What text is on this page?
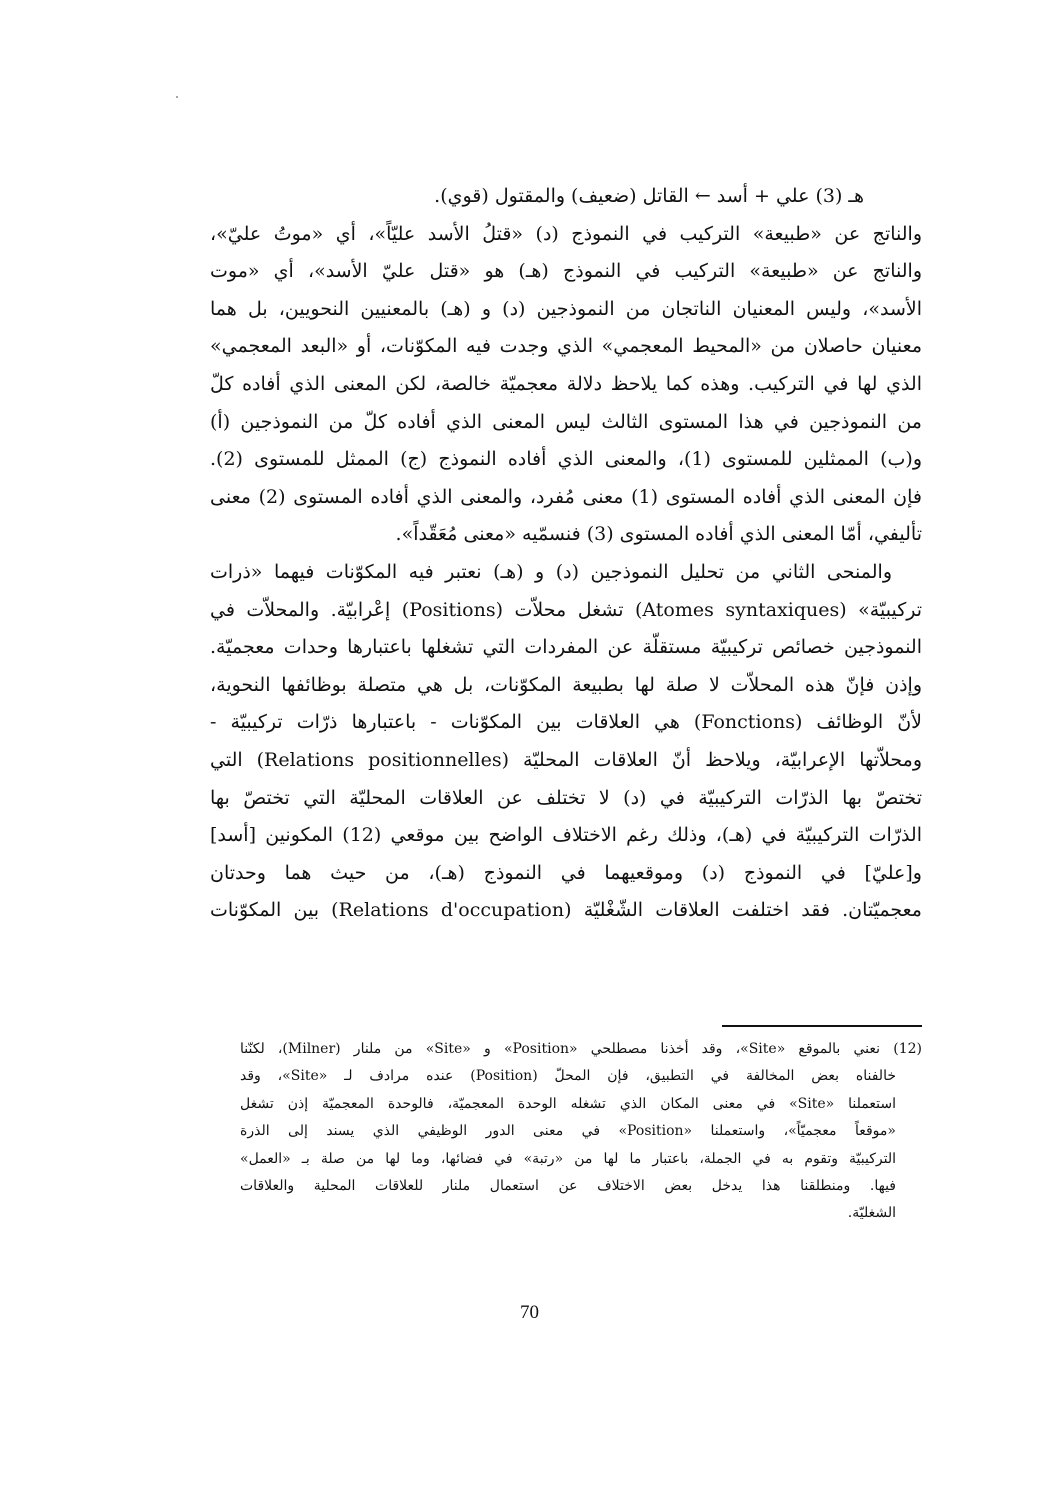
هـ (3) علي + أسد ← القاتل (ضعيف) والمقتول (قوي).
والناتج عن «طبيعة» التركيب في النموذج (د) «قتلُ الأسد عليّاً»، أي «موتُ عليّ»،
والناتج عن «طبيعة» التركيب في النموذج (هـ) هو «قتل عليّ الأسد»، أي «موت
الأسد»، وليس المعنيان الناتجان من النموذجين (د) و (هـ) بالمعنيين النحويين، بل هما
معنيان حاصلان من «المحيط المعجمي» الذي وجدت فيه المكوّنات، أو «البعد المعجمي»
الذي لها في التركيب. وهذه كما يلاحظ دلالة معجميّة خالصة، لكن المعنى الذي أفاده كلّ
من النموذجين في هذا المستوى الثالث ليس المعنى الذي أفاده كلّ من النموذجين (أ)
و(ب) الممثلين للمستوى (1)، والمعنى الذي أفاده النموذج (ج) الممثل للمستوى (2).
فإن المعنى الذي أفاده المستوى (1) معنى مُفرد، والمعنى الذي أفاده المستوى (2) معنى
تأليفي، أمّا المعنى الذي أفاده المستوى (3) فنسمّيه «معنى مُعَقّداً».
والمنحى الثاني من تحليل النموذجين (د) و (هـ) نعتبر فيه المكوّنات فيهما «ذرات
تركيبيّة» (Atomes syntaxiques) تشغل محلاّت (Positions) إعْرابيّة. والمحلاّت في
النموذجين خصائص تركيبيّة مستقلّة عن المفردات التي تشغلها باعتبارها وحدات معجميّة.
وإذن فإنّ هذه المحلاّت لا صلة لها بطبيعة المكوّنات، بل هي متصلة بوظائفها النحوية،
لأنّ الوظائف (Fonctions) هي العلاقات بين المكوّنات - باعتبارها ذرّات تركيبيّة -
ومحلاّتها الإعرابيّة، ويلاحظ أنّ العلاقات المحليّة (Relations positionnelles) التي
تختصّ بها الذرّات التركيبيّة في (د) لا تختلف عن العلاقات المحليّة التي تختصّ بها
الذرّات التركيبيّة في (هـ)، وذلك رغم الاختلاف الواضح بين موقعي (12) المكونين [أسد]
و[عليّ] في النموذج (د) وموقعيهما في النموذج (هـ)، من حيث هما وحدتان
معجميّتان. فقد اختلفت العلاقات الشّغْليّة (Relations d'occupation) بين المكوّنات
(12) نعني بالموقع «Site»، وقد أخذنا مصطلحي «Position» و «Site» من ملنار (Milner)، لكنّنا
خالفناه بعض المخالفة في التطبيق، فإن المحلّ (Position) عنده مرادف لـ «Site»، وقد
استعملنا «Site» في معنى المكان الذي تشغله الوحدة المعجميّة، فالوحدة المعجميّة إذن تشغل
«موقعاً معجميّاً»، واستعملنا «Position» في معنى الدور الوظيفي الذي يسند إلى الذرة
التركيبيّة وتقوم به في الجملة، باعتبار ما لها من «رتبة» في فضائها، وما لها من صلة بـ «العمل»
فيها. ومنطلقنا هذا يدخل بعض الاختلاف عن استعمال ملنار للعلاقات المحلية والعلاقات
الشغليّة.
70
